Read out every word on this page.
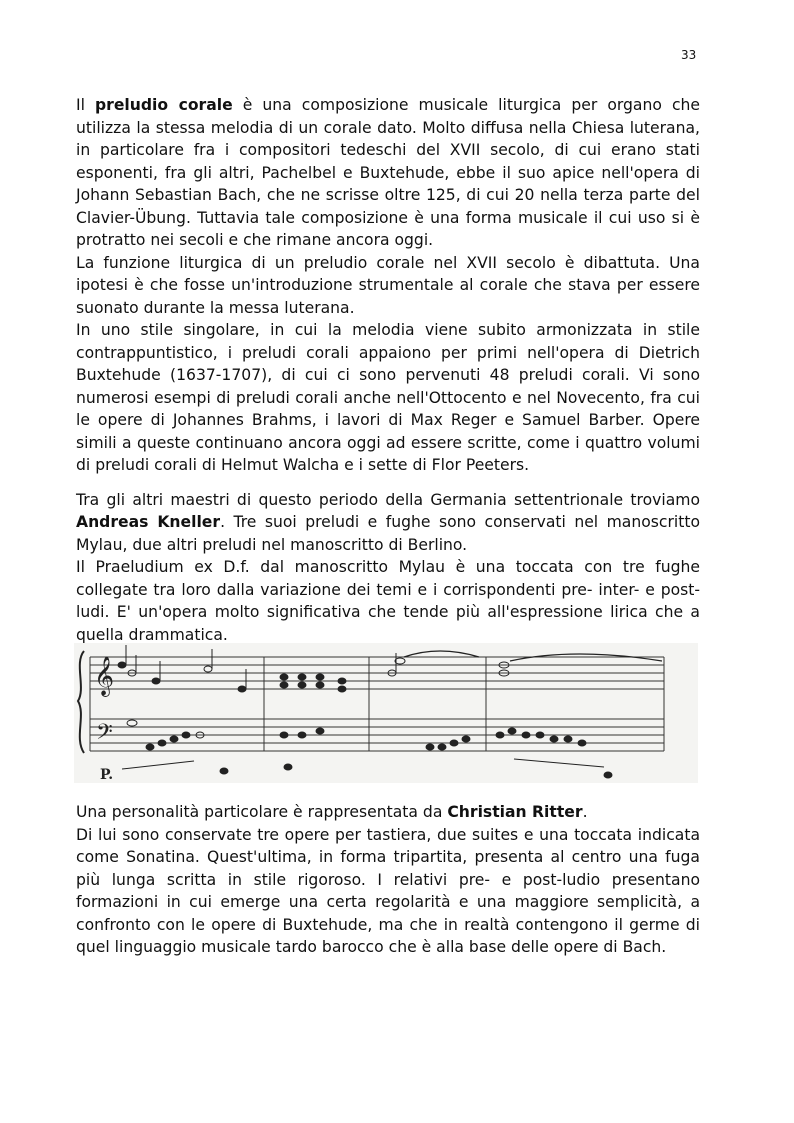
33

Il preludio corale è una composizione musicale liturgica per organo che utilizza la stessa melodia di un corale dato. Molto diffusa nella Chiesa luterana, in particolare fra i compositori tedeschi del XVII secolo, di cui erano stati esponenti, fra gli altri, Pachelbel e Buxtehude, ebbe il suo apice nell'opera di Johann Sebastian Bach, che ne scrisse oltre 125, di cui 20 nella terza parte del Clavier-Übung. Tuttavia tale composizione è una forma musicale il cui uso si è protratto nei secoli e che rimane ancora oggi.

La funzione liturgica di un preludio corale nel XVII secolo è dibattuta. Una ipotesi è che fosse un'introduzione strumentale al corale che stava per essere suonato durante la messa luterana.

In uno stile singolare, in cui la melodia viene subito armonizzata in stile contrappuntistico, i preludi corali appaiono per primi nell'opera di Dietrich Buxtehude (1637-1707), di cui ci sono pervenuti 48 preludi corali. Vi sono numerosi esempi di preludi corali anche nell'Ottocento e nel Novecento, fra cui le opere di Johannes Brahms, i lavori di Max Reger e Samuel Barber. Opere simili a queste continuano ancora oggi ad essere scritte, come i quattro volumi di preludi corali di Helmut Walcha e i sette di Flor Peeters.

Tra gli altri maestri di questo periodo della Germania settentrionale troviamo Andreas Kneller. Tre suoi preludi e fughe sono conservati nel manoscritto Mylau, due altri preludi nel manoscritto di Berlino.

Il Praeludium ex D.f. dal manoscritto Mylau è una toccata con tre fughe collegate tra loro dalla variazione dei temi e i corrispondenti pre- inter- e post-ludi. E' un'opera molto significativa che tende più all'espressione lirica che a quella drammatica.

𝄞
𝄢
P.

Una personalità particolare è rappresentata da Christian Ritter.

Di lui sono conservate tre opere per tastiera, due suites e una toccata indicata come Sonatina. Quest'ultima, in forma tripartita, presenta al centro una fuga più lunga scritta in stile rigoroso. I relativi pre- e post-ludio presentano formazioni in cui emerge una certa regolarità e una maggiore semplicità, a confronto con le opere di Buxtehude, ma che in realtà contengono il germe di quel linguaggio musicale tardo barocco che è alla base delle opere di Bach.
